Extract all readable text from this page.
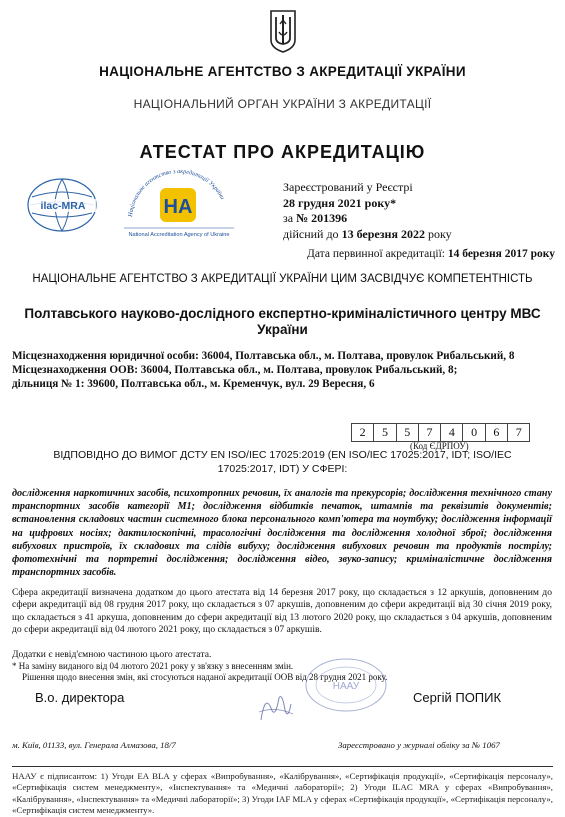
НАЦІОНАЛЬНЕ АГЕНТСТВО З АКРЕДИТАЦІЇ УКРАЇНИ
НАЦІОНАЛЬНИЙ ОРГАН УКРАЇНИ З АКРЕДИТАЦІЇ
АТЕСТАТ ПРО АКРЕДИТАЦІЮ
ilac-MRA
Національне агентство з акредитації України
НА
National Accreditation Agency of Ukraine
Зареєстрований у Реєстрі
28 грудня 2021 року*
за № 201396
дійсний до 13 березня 2022 року
Дата первинної акредитації: 14 березня 2017 року
НАЦІОНАЛЬНЕ АГЕНТСТВО З АКРЕДИТАЦІЇ УКРАЇНИ ЦИМ ЗАСВІДЧУЄ КОМПЕТЕНТНІСТЬ
Полтавського науково-дослідного експертно-криміналістичного центру МВС України
Місцезнаходження юридичної особи: 36004, Полтавська обл., м. Полтава, провулок Рибальський, 8
Місцезнаходження ООВ: 36004, Полтавська обл., м. Полтава, провулок Рибальський, 8;
дільниця № 1: 39600, Полтавська обл., м. Кременчук, вул. 29 Вересня, 6
2	5	5	7	4	0	6	7
(Код ЄДРПОУ)
ВІДПОВІДНО ДО ВИМОГ ДСТУ EN ISO/IEC 17025:2019 (EN ISO/IEC 17025:2017, IDT; ISO/IEC 17025:2017, IDT) У СФЕРІ:
дослідження наркотичних засобів, психотропних речовин, їх аналогів та прекурсорів; дослідження технічного стану транспортних засобів категорії М1; дослідження відбитків печаток, штампів та реквізитів документів; встановлення складових частин системного блока персонального комп'ютера та ноутбуку; дослідження інформації на цифрових носіях; дактилоскопічні, трасологічні дослідження та дослідження холодної зброї; дослідження вибухових пристроїв, їх складових та слідів вибуху; дослідження вибухових речовин та продуктів пострілу; фототехнічні та портретні дослідження; дослідження відео, звуко-запису; криміналістичне дослідження транспортних засобів.
Сфера акредитації визначена додатком до цього атестата від 14 березня 2017 року, що складається з 12 аркушів, доповненим до сфери акредитації від 08 грудня 2017 року, що складається з 07 аркушів, доповненим до сфери акредитації від 30 січня 2019 року, що складається з 41 аркуша, доповненим до сфери акредитації від 13 лютого 2020 року, що складається з 04 аркушів, доповненим до сфери акредитації від 04 лютого 2021 року, що складається з 07 аркушів.
Додатки є невід'ємною частиною цього атестата.
* На заміну виданого від 04 лютого 2021 року у зв'язку з внесенням змін.
Рішення щодо внесення змін, які стосуються наданої акредитації ООВ від 28 грудня 2021 року.
НААУ
В.о. директора	Сергій ПОПИК
м. Київ, 01133, вул. Генерала Алмазова, 18/7	Зареєстровано у журналі обліку за № 1067
НААУ є підписантом: 1) Угоди EA BLA у сферах «Випробування», «Калібрування», «Сертифікація продукції», «Сертифікація персоналу», «Сертифікація систем менеджменту», «Інспектування» та «Медичні лабораторії»; 2) Угоди ILAC MRA у сферах «Випробування», «Калібрування», «Інспектування» та «Медичні лабораторії»; 3) Угоди IAF MLA у сферах «Сертифікація продукції», «Сертифікація персоналу», «Сертифікація систем менеджменту».
